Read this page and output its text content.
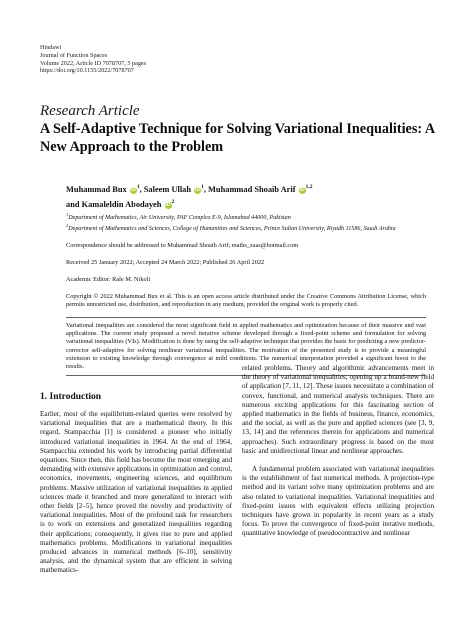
Hindawi
Journal of Function Spaces
Volume 2022, Article ID 7078707, 5 pages
https://doi.org/10.1155/2022/7078707
Research Article
A Self-Adaptive Technique for Solving Variational Inequalities: A New Approach to the Problem
Muhammad Bux $iD^1$, Saleem Ullah $iD^1$, Muhammad Shoaib Arif iD$^{1,2}$
and Kamaleldin Abodayeh $iD^2$
$^1$Department of Mathematics, Air University, PAF Complex E-9, Islamabad 44000, Pakistan
$^2$Department of Mathematics and Sciences, College of Humanities and Sciences, Prince Sultan University, Riyadh 11586, Saudi Arabia
Correspondence should be addressed to Muhammad Shoaib Arif; maths_zaas@hotmail.com
Received 25 January 2022; Accepted 24 March 2022; Published 26 April 2022
Academic Editor: Rale M. Nikoli
Copyright © 2022 Muhammad Bux et al. This is an open access article distributed under the Creative Commons Attribution License, which permits unrestricted use, distribution, and reproduction in any medium, provided the original work is properly cited.
Variational inequalities are considered the most significant field in applied mathematics and optimization because of their massive and vast applications. The current study proposed a novel iterative scheme developed through a fixed-point scheme and formulation for solving variational inequalities (VIs). Modification is done by using the self-adaptive technique that provides the basis for predicting a new predictor-corrector self-adaptive for solving nonlinear variational inequalities. The motivation of the presented study is to provide a meaningful extension to existing knowledge through convergence at mild conditions. The numerical interpretation provided a significant boost to the results.
1. Introduction

Earlier, most of the equilibrium-related queries were resolved by variational inequalities that are a mathematical theory. In this regard, Stampacchia [1] is considered a pioneer who initially introduced variational inequalities in 1964. At the end of 1964, Stampacchia extended his work by introducing partial differential equations. Since then, this field has become the most emerging and demanding with extensive applications in optimization and control, economics, movements, engineering sciences, and equilibrium problems. Massive utilization of variational inequalities in applied sciences made it branched and more generalized to interact with other fields [2–5], hence proved the novelty and productivity of variational inequalities. Most of the profound task for researchers is to work on extensions and generalized inequalities regarding their applications; consequently, it gives rise to pure and applied mathematics problems. Modifications in variational inequalities produced advances in numerical methods [6–10], sensitivity analysis, and the dynamical system that are efficient in solving mathematics-

related problems. Theory and algorithmic advancements meet in the theory of variational inequalities, opening up a brand-new field of application [7, 11, 12]. These issues necessitate a combination of convex, functional, and numerical analysis techniques. There are numerous exciting applications for this fascinating section of applied mathematics in the fields of business, finance, economics, and the social, as well as the pure and applied sciences (see [3, 9, 13, 14] and the references therein for applications and numerical approaches). Such extraordinary progress is based on the most basic and unidirectional linear and nonlinear approaches.

A fundamental problem associated with variational inequalities is the establishment of fast numerical methods. A projection-type method and its variant solve many optimization problems and are also related to variational inequalities. Variational inequalities and fixed-point issues with equivalent effects utilizing projection techniques have grown in popularity in recent years as a study focus. To prove the convergence of fixed-point iterative methods, quantitative knowledge of pseudocontractive and nonlinear
